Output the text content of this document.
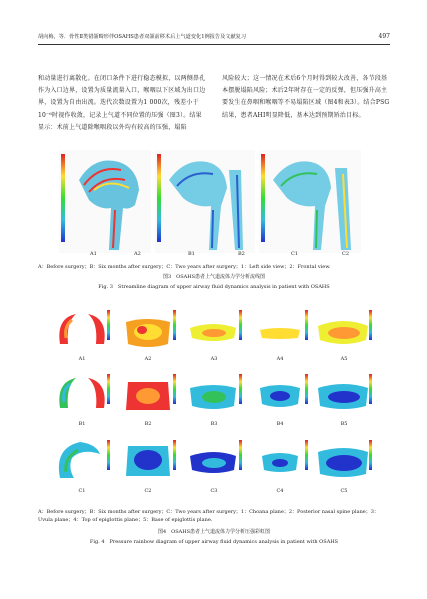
胡向梅，等．骨性Ⅱ类错颌畸形伴OSAHS患者双颌前移术后上气道变化1例报告及文献复习	497
和动量进行离散化。在闭口条件下进行稳态模拟，以两侧鼻孔作为入口边界，设置为质量流量入口，喉咽以下区域为出口边界，设置为自由出流。迭代次数设置为1 000次，残差小于10⁻⁶时视作收敛，记录上气道不同位置的压强（图3）。结果显示：术前上气道除喉咽段以外均有较高的压强，塌陷
风险较大；这一情况在术后6个月时得到较大改善，各节段基本摆脱塌陷风险；术后2年时存在一定的反弹，但压强升高主要发生在鼻咽和喉咽等不易塌陷区域（图4和表3）。结合PSG结果，患者AHI明显降低，基本达到预期矫治目标。
A1	A2	B1	B2	C1	C2
A：Before surgery；B：Six months after surgery；C：Two years after surgery；1：Left side view；2：Frontal view.
图3　OSAHS患者上气道流体力学分析流线图
Fig. 3　Streamline diagram of upper airway fluid dynamics analysis in patient with OSAHS
A1	A2	A3	A4	A5
B1	B2	B3	B4	B5
C1	C2	C3	C4	C5
A：Before surgery；B：Six months after surgery；C：Two years after surgery；1：Choana plane；2：Posterior nasal spine plane；3：Uvula plane；4：Top of epiglottis plane；5：Base of epiglottis plane.
图4　OSAHS患者上气道流体力学分析压强彩虹图
Fig. 4　Pressure rainbow diagram of upper airway fluid dynamics analysis in patient with OSAHS
